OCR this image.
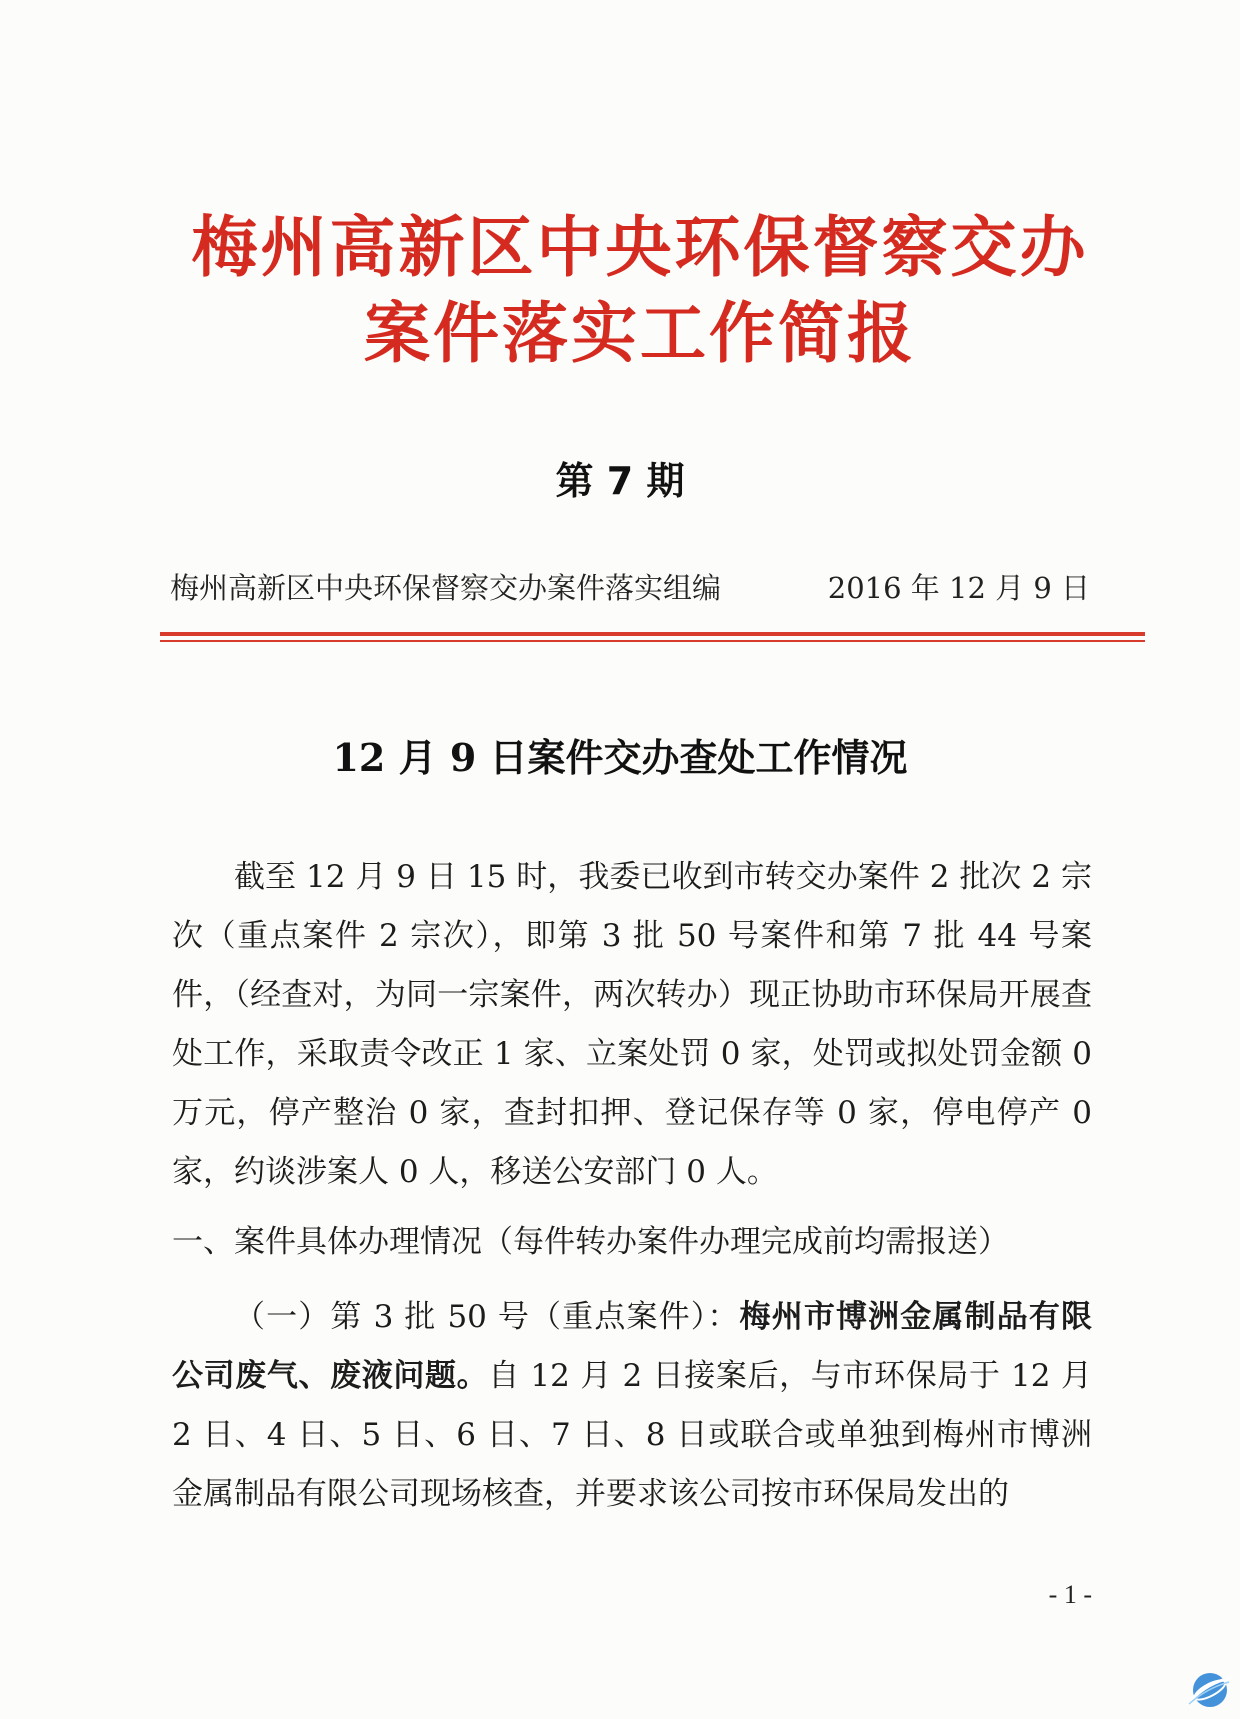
梅州高新区中央环保督察交办
案件落实工作简报
第 7 期
梅州高新区中央环保督察交办案件落实组编	2016 年 12 月 9 日
12 月 9 日案件交办查处工作情况

截至 12 月 9 日 15 时，我委已收到市转交办案件 2 批次 2 宗次（重点案件 2 宗次），即第 3 批 50 号案件和第 7 批 44 号案件，（经查对，为同一宗案件，两次转办）现正协助市环保局开展查处工作，采取责令改正 1 家、立案处罚 0 家，处罚或拟处罚金额 0 万元，停产整治 0 家，查封扣押、登记保存等 0 家，停电停产 0 家，约谈涉案人 0 人，移送公安部门 0 人。

一、案件具体办理情况（每件转办案件办理完成前均需报送）
（一）第 3 批 50 号（重点案件）：梅州市博洲金属制品有限公司废气、废液问题。自 12 月 2 日接案后，与市环保局于 12 月 2 日、4 日、5 日、6 日、7 日、8 日或联合或单独到梅州市博洲金属制品有限公司现场核查，并要求该公司按市环保局发出的
- 1 -
